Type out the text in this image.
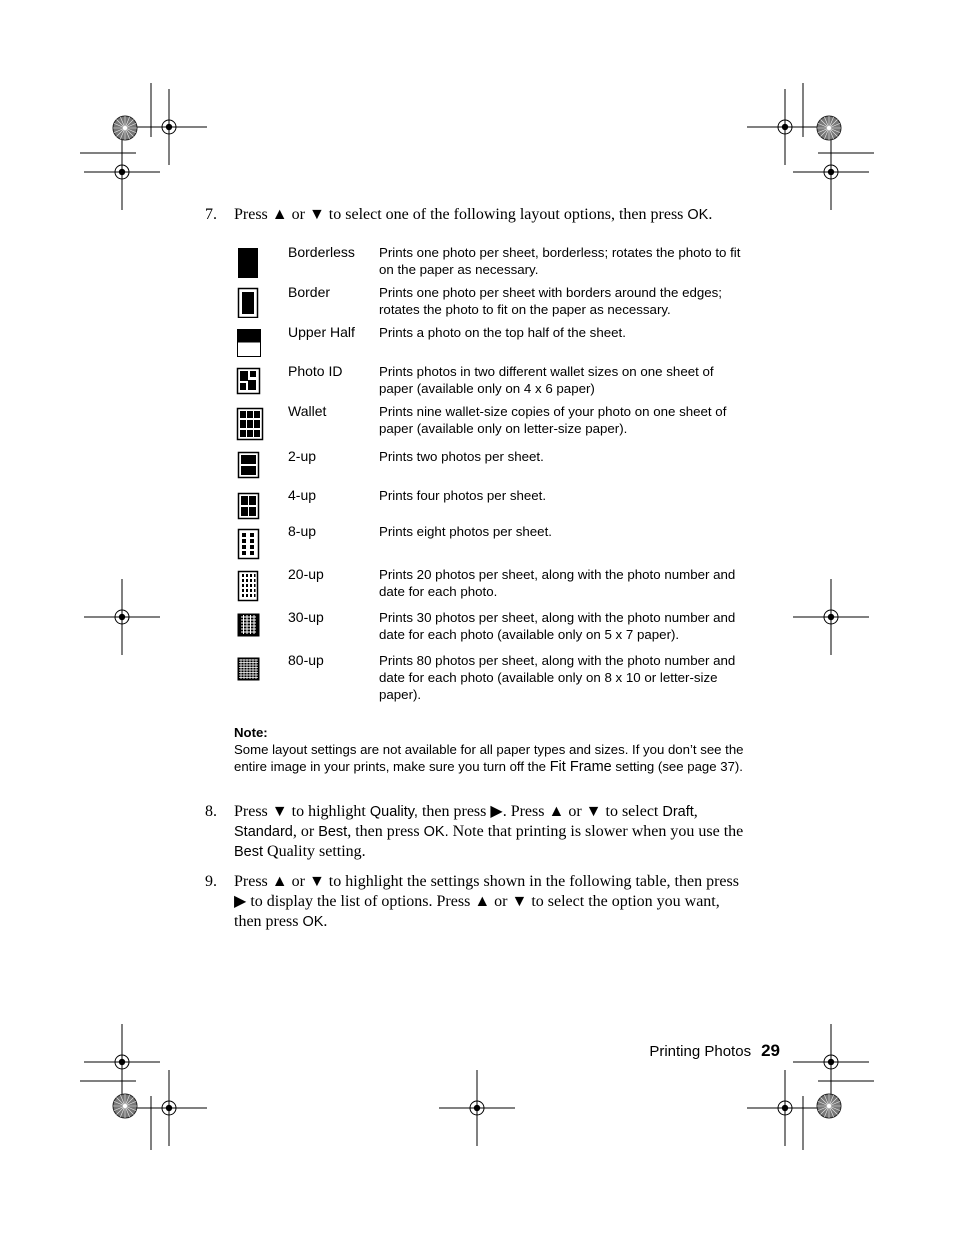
7. Press ▲ or ▼ to select one of the following layout options, then press OK.
Borderless Prints one photo per sheet, borderless; rotates the photo to fit on the paper as necessary.
Border	Prints one photo per sheet with borders around the edges; rotates the photo to fit on the paper as necessary.
Upper Half Prints a photo on the top half of the sheet.
Photo ID	Prints photos in two different wallet sizes on one sheet of paper (available only on 4 x 6 paper)
Wallet	Prints nine wallet-size copies of your photo on one sheet of paper (available only on letter-size paper).
2-up	Prints two photos per sheet.
4-up	Prints four photos per sheet.
8-up	Prints eight photos per sheet.
20-up	Prints 20 photos per sheet, along with the photo number and date for each photo.
30-up	Prints 30 photos per sheet, along with the photo number and date for each photo (available only on 5 x 7 paper).
80-up	Prints 80 photos per sheet, along with the photo number and date for each photo (available only on 8 x 10 or letter-size paper).
Note:
Some layout settings are not available for all paper types and sizes. If you don’t see the entire image in your prints, make sure you turn off the Fit Frame setting (see page 37).
8. Press ▼ to highlight Quality, then press ▶. Press ▲ or ▼ to select Draft, Standard, or Best, then press OK. Note that printing is slower when you use the Best Quality setting.
9. Press ▲ or ▼ to highlight the settings shown in the following table, then press ▶ to display the list of options. Press ▲ or ▼ to select the option you want, then press OK.
Printing Photos 29
